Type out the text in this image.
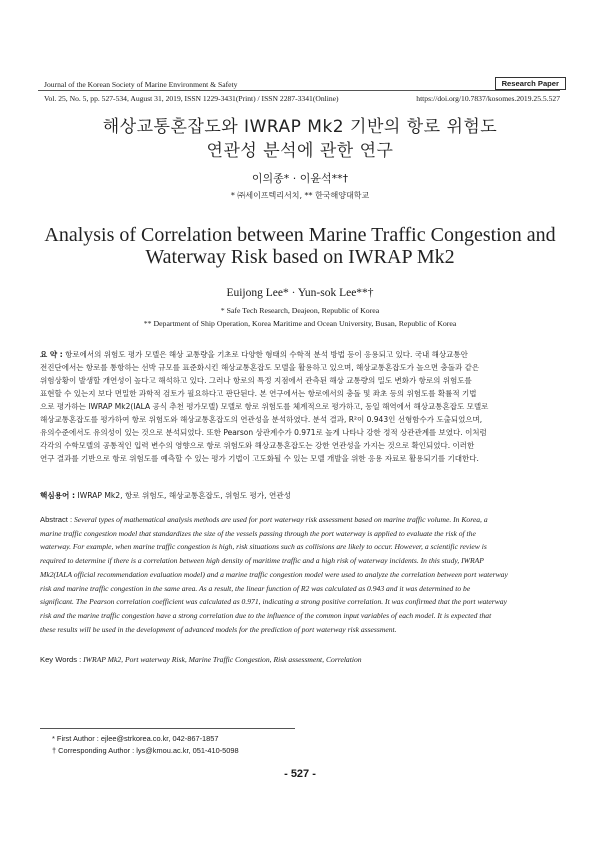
Journal of the Korean Society of Marine Environment & Safety	Research Paper
Vol. 25, No. 5, pp. 527-534, August 31, 2019, ISSN 1229-3431(Print) / ISSN 2287-3341(Online)	https://doi.org/10.7837/kosomes.2019.25.5.527
해상교통혼잡도와 IWRAP Mk2 기반의 항로 위험도
연관성 분석에 관한 연구
이의종* · 이윤석**†
* ㈜세이프텍리서치, ** 한국해양대학교
Analysis of Correlation between Marine Traffic Congestion and
Waterway Risk based on IWRAP Mk2
Euijong Lee* · Yun-sok Lee**†
* Safe Tech Research, Deajeon, Republic of Korea
** Department of Ship Operation, Korea Maritime and Ocean University, Busan, Republic of Korea
요 약 : 항로에서의 위험도 평가 모델은 해상 교통량을 기초로 다양한 형태의 수학적 분석 방법 등이 응용되고 있다. 국내 해상교통안
전진단에서는 항로를 통항하는 선박 규모를 표준화시킨 해상교통혼잡도 모델을 활용하고 있으며, 해상교통혼잡도가 높으면 충돌과 같은
위험상황이 발생할 개연성이 높다고 해석하고 있다. 그러나 항로의 특정 지점에서 관측된 해상 교통량의 밀도 변화가 항로의 위험도를
표현할 수 있는지 보다 면밀한 과학적 검토가 필요하다고 판단된다. 본 연구에서는 항로에서의 충돌 및 좌초 등의 위험도를 확률적 기법
으로 평가하는 IWRAP Mk2(IALA 공식 추천 평가모델) 모델로 항로 위험도를 체계적으로 평가하고, 동일 해역에서 해상교통혼잡도 모델로
해상교통혼잡도를 평가하여 항로 위험도와 해상교통혼잡도의 연관성을 분석하였다. 분석 결과, R²이 0.943인 선형함수가 도출되었으며,
유의수준에서도 유의성이 있는 것으로 분석되었다. 또한 Pearson 상관계수가 0.971로 높게 나타나 강한 정적 상관관계를 보였다. 이처럼
각각의 수학모델의 공통적인 입력 변수의 영향으로 항로 위험도와 해상교통혼잡도는 강한 연관성을 가지는 것으로 확인되었다. 이러한
연구 결과를 기반으로 항로 위험도를 예측할 수 있는 평가 기법이 고도화될 수 있는 모델 개발을 위한 응용 자료로 활용되기를 기대한다.
핵심용어 : IWRAP Mk2, 항로 위험도, 해상교통혼잡도, 위험도 평가, 연관성
Abstract : Several types of mathematical analysis methods are used for port waterway risk assessment based on marine traffic volume. In Korea, a
marine traffic congestion model that standardizes the size of the vessels passing through the port waterway is applied to evaluate the risk of the
waterway. For example, when marine traffic congestion is high, risk situations such as collisions are likely to occur. However, a scientific review is
required to determine if there is a correlation between high density of maritime traffic and a high risk of waterway incidents. In this study, IWRAP
Mk2(IALA official recommendation evaluation model) and a marine traffic congestion model were used to analyze the correlation between port waterway
risk and marine traffic congestion in the same area. As a result, the linear function of R2 was calculated as 0.943 and it was determined to be
significant. The Pearson correlation coefficient was calculated as 0.971, indicating a strong positive correlation. It was confirmed that the port waterway
risk and the marine traffic congestion have a strong correlation due to the influence of the common input variables of each model. It is expected that
these results will be used in the development of advanced models for the prediction of port waterway risk assessment.
Key Words : IWRAP Mk2, Port waterway Risk, Marine Traffic Congestion, Risk assessment, Correlation
* First Author : ejlee@strkorea.co.kr, 042-867-1857
† Corresponding Author : lys@kmou.ac.kr, 051-410-5098
- 527 -
